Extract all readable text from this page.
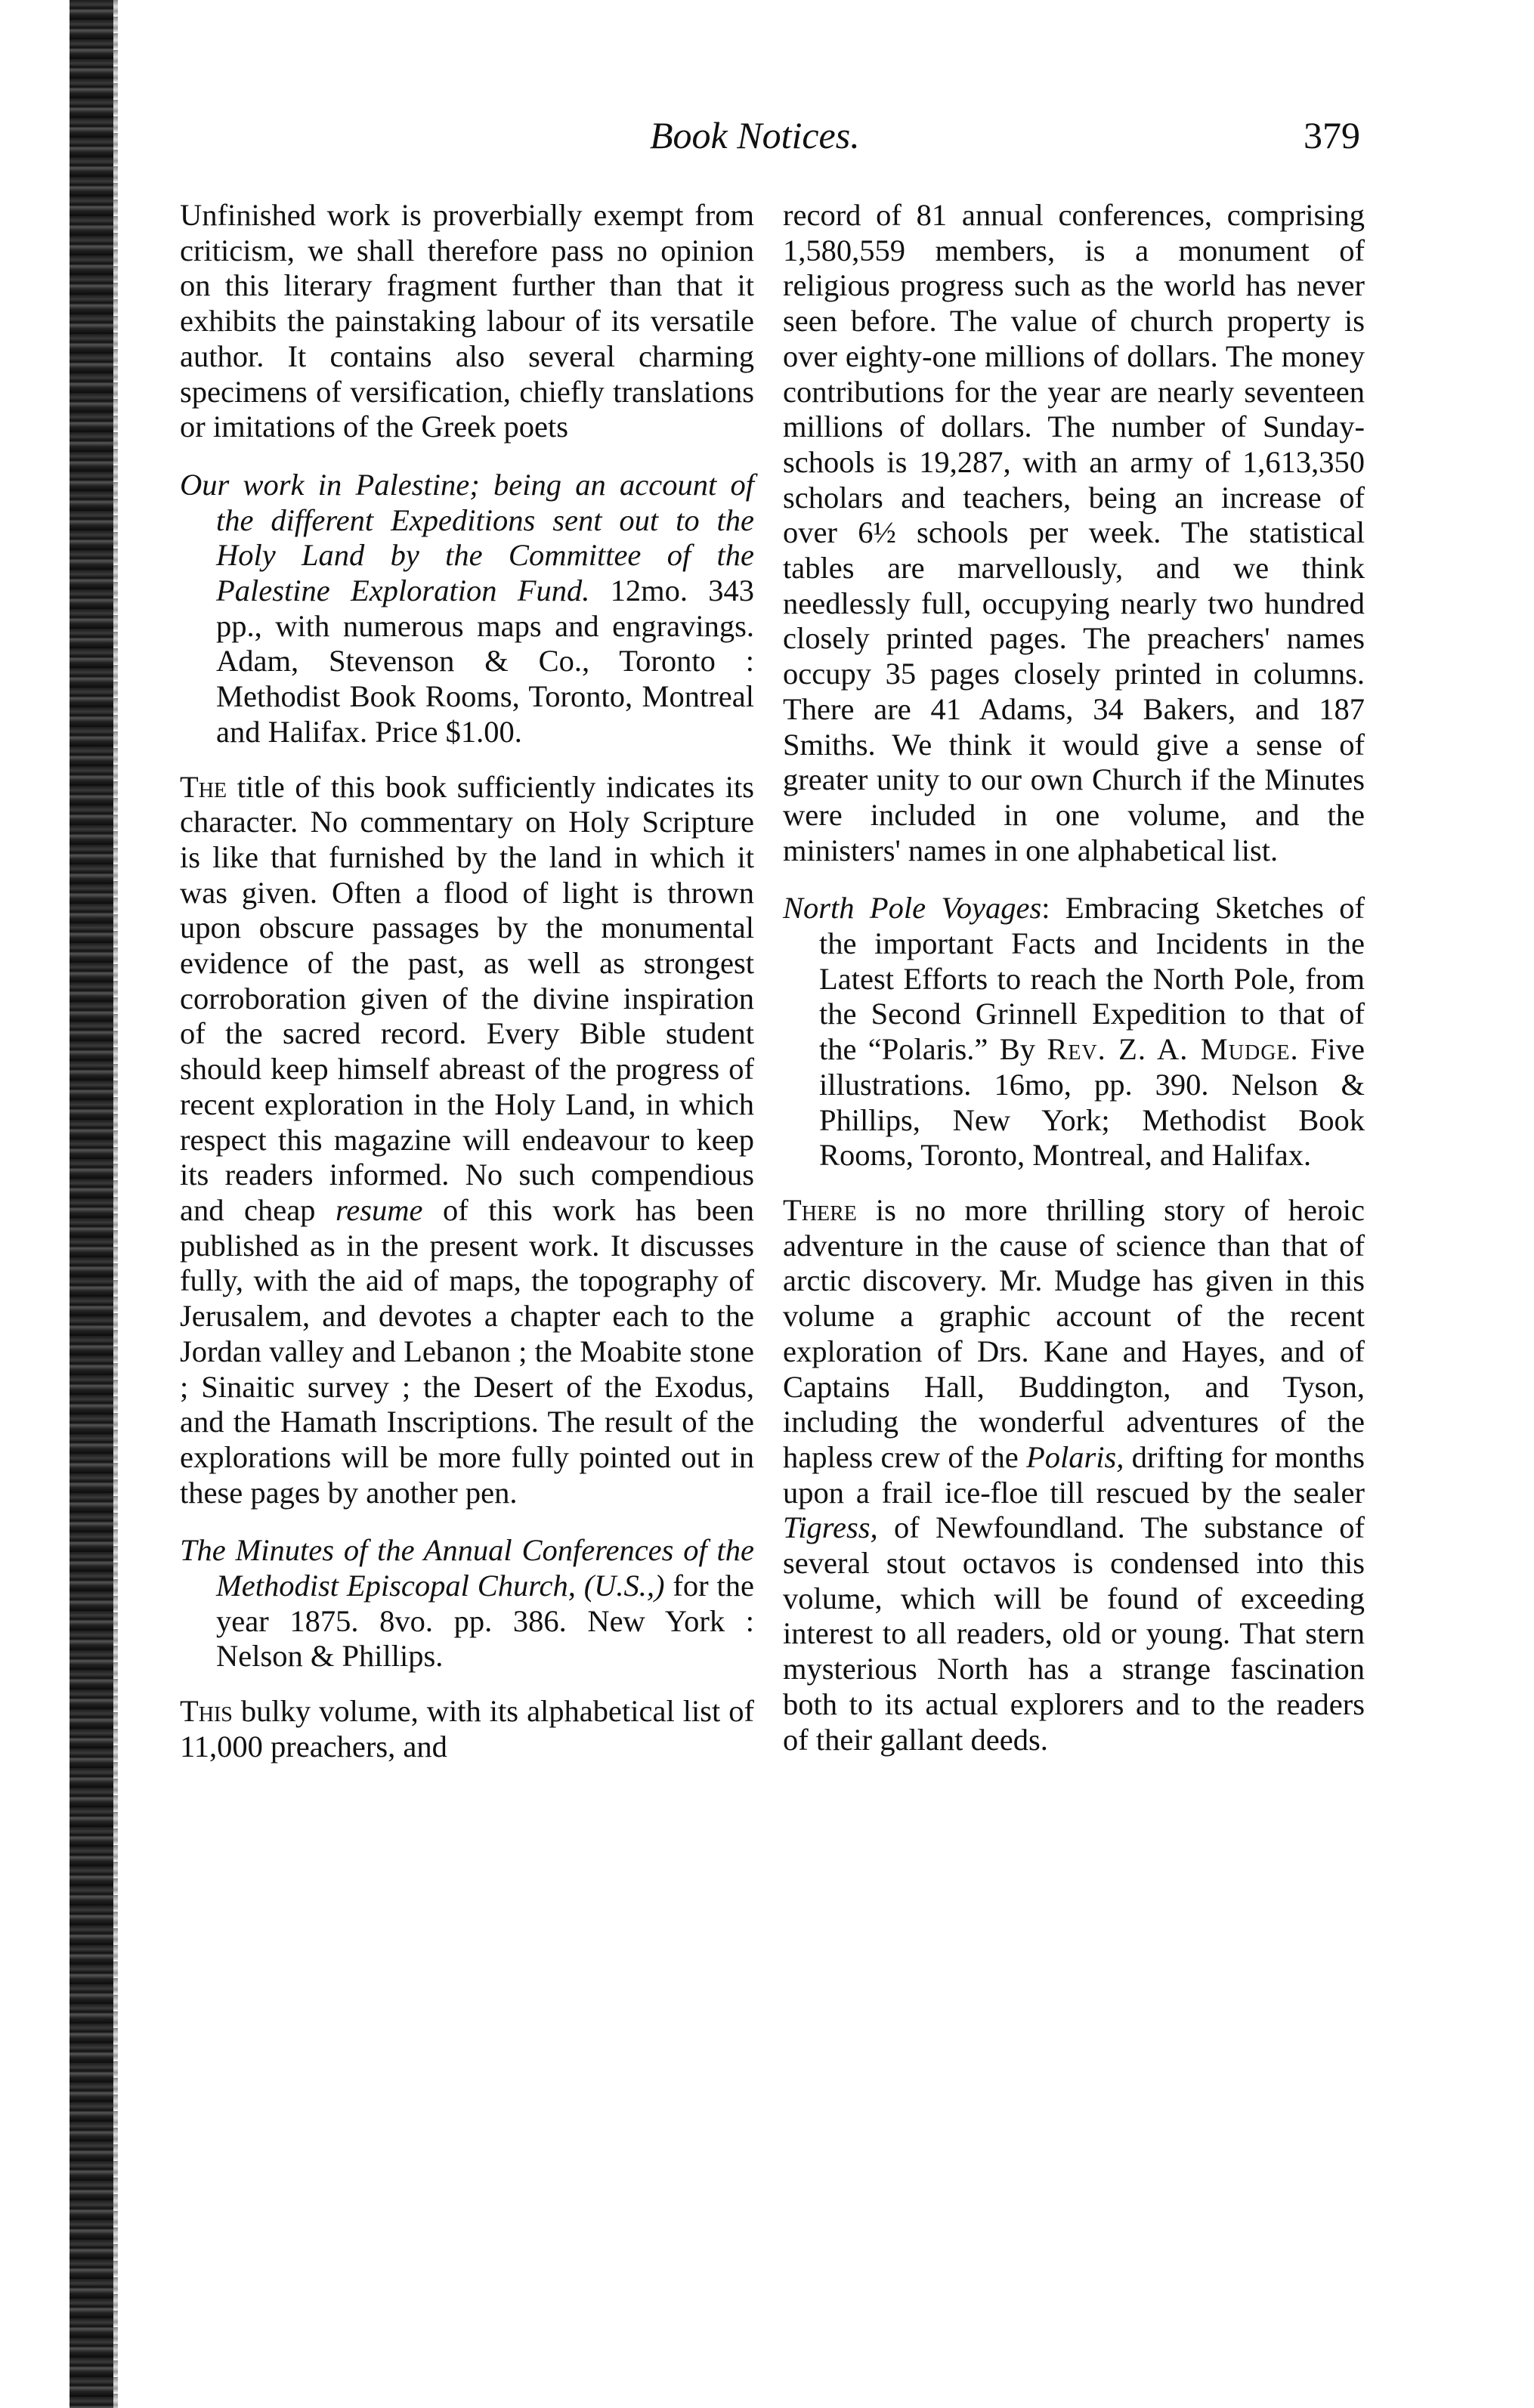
Book Notices.	379

Unfinished work is proverbially exempt from criticism, we shall therefore pass no opinion on this literary fragment further than that it exhibits the painstaking labour of its versatile author. It contains also several charming specimens of versification, chiefly translations or imitations of the Greek poets

Our work in Palestine; being an account of the different Expeditions sent out to the Holy Land by the Committee of the Palestine Exploration Fund. 12mo. 343 pp., with numerous maps and engravings. Adam, Stevenson & Co., Toronto : Methodist Book Rooms, Toronto, Montreal and Halifax. Price $1.00.

The title of this book sufficiently indicates its character. No commentary on Holy Scripture is like that furnished by the land in which it was given. Often a flood of light is thrown upon obscure passages by the monumental evidence of the past, as well as strongest corroboration given of the divine inspiration of the sacred record. Every Bible student should keep himself abreast of the progress of recent exploration in the Holy Land, in which respect this magazine will endeavour to keep its readers informed. No such compendious and cheap resume of this work has been published as in the present work. It discusses fully, with the aid of maps, the topography of Jerusalem, and devotes a chapter each to the Jordan valley and Lebanon ; the Moabite stone ; Sinaitic survey ; the Desert of the Exodus, and the Hamath Inscriptions. The result of the explorations will be more fully pointed out in these pages by another pen.

The Minutes of the Annual Conferences of the Methodist Episcopal Church, (U.S.,) for the year 1875. 8vo. pp. 386. New York : Nelson & Phillips.

This bulky volume, with its alphabetical list of 11,000 preachers, and

record of 81 annual conferences, comprising 1,580,559 members, is a monument of religious progress such as the world has never seen before. The value of church property is over eighty-one millions of dollars. The money contributions for the year are nearly seventeen millions of dollars. The number of Sunday-schools is 19,287, with an army of 1,613,350 scholars and teachers, being an increase of over 6½ schools per week. The statistical tables are marvellously, and we think needlessly full, occupying nearly two hundred closely printed pages. The preachers' names occupy 35 pages closely printed in columns. There are 41 Adams, 34 Bakers, and 187 Smiths. We think it would give a sense of greater unity to our own Church if the Minutes were included in one volume, and the ministers' names in one alphabetical list.

North Pole Voyages: Embracing Sketches of the important Facts and Incidents in the Latest Efforts to reach the North Pole, from the Second Grinnell Expedition to that of the “Polaris.” By Rev. Z. A. Mudge. Five illustrations. 16mo, pp. 390. Nelson & Phillips, New York; Methodist Book Rooms, Toronto, Montreal, and Halifax.

There is no more thrilling story of heroic adventure in the cause of science than that of arctic discovery. Mr. Mudge has given in this volume a graphic account of the recent exploration of Drs. Kane and Hayes, and of Captains Hall, Buddington, and Tyson, including the wonderful adventures of the hapless crew of the Polaris, drifting for months upon a frail ice-floe till rescued by the sealer Tigress, of Newfoundland. The substance of several stout octavos is condensed into this volume, which will be found of exceeding interest to all readers, old or young. That stern mysterious North has a strange fascination both to its actual explorers and to the readers of their gallant deeds.
